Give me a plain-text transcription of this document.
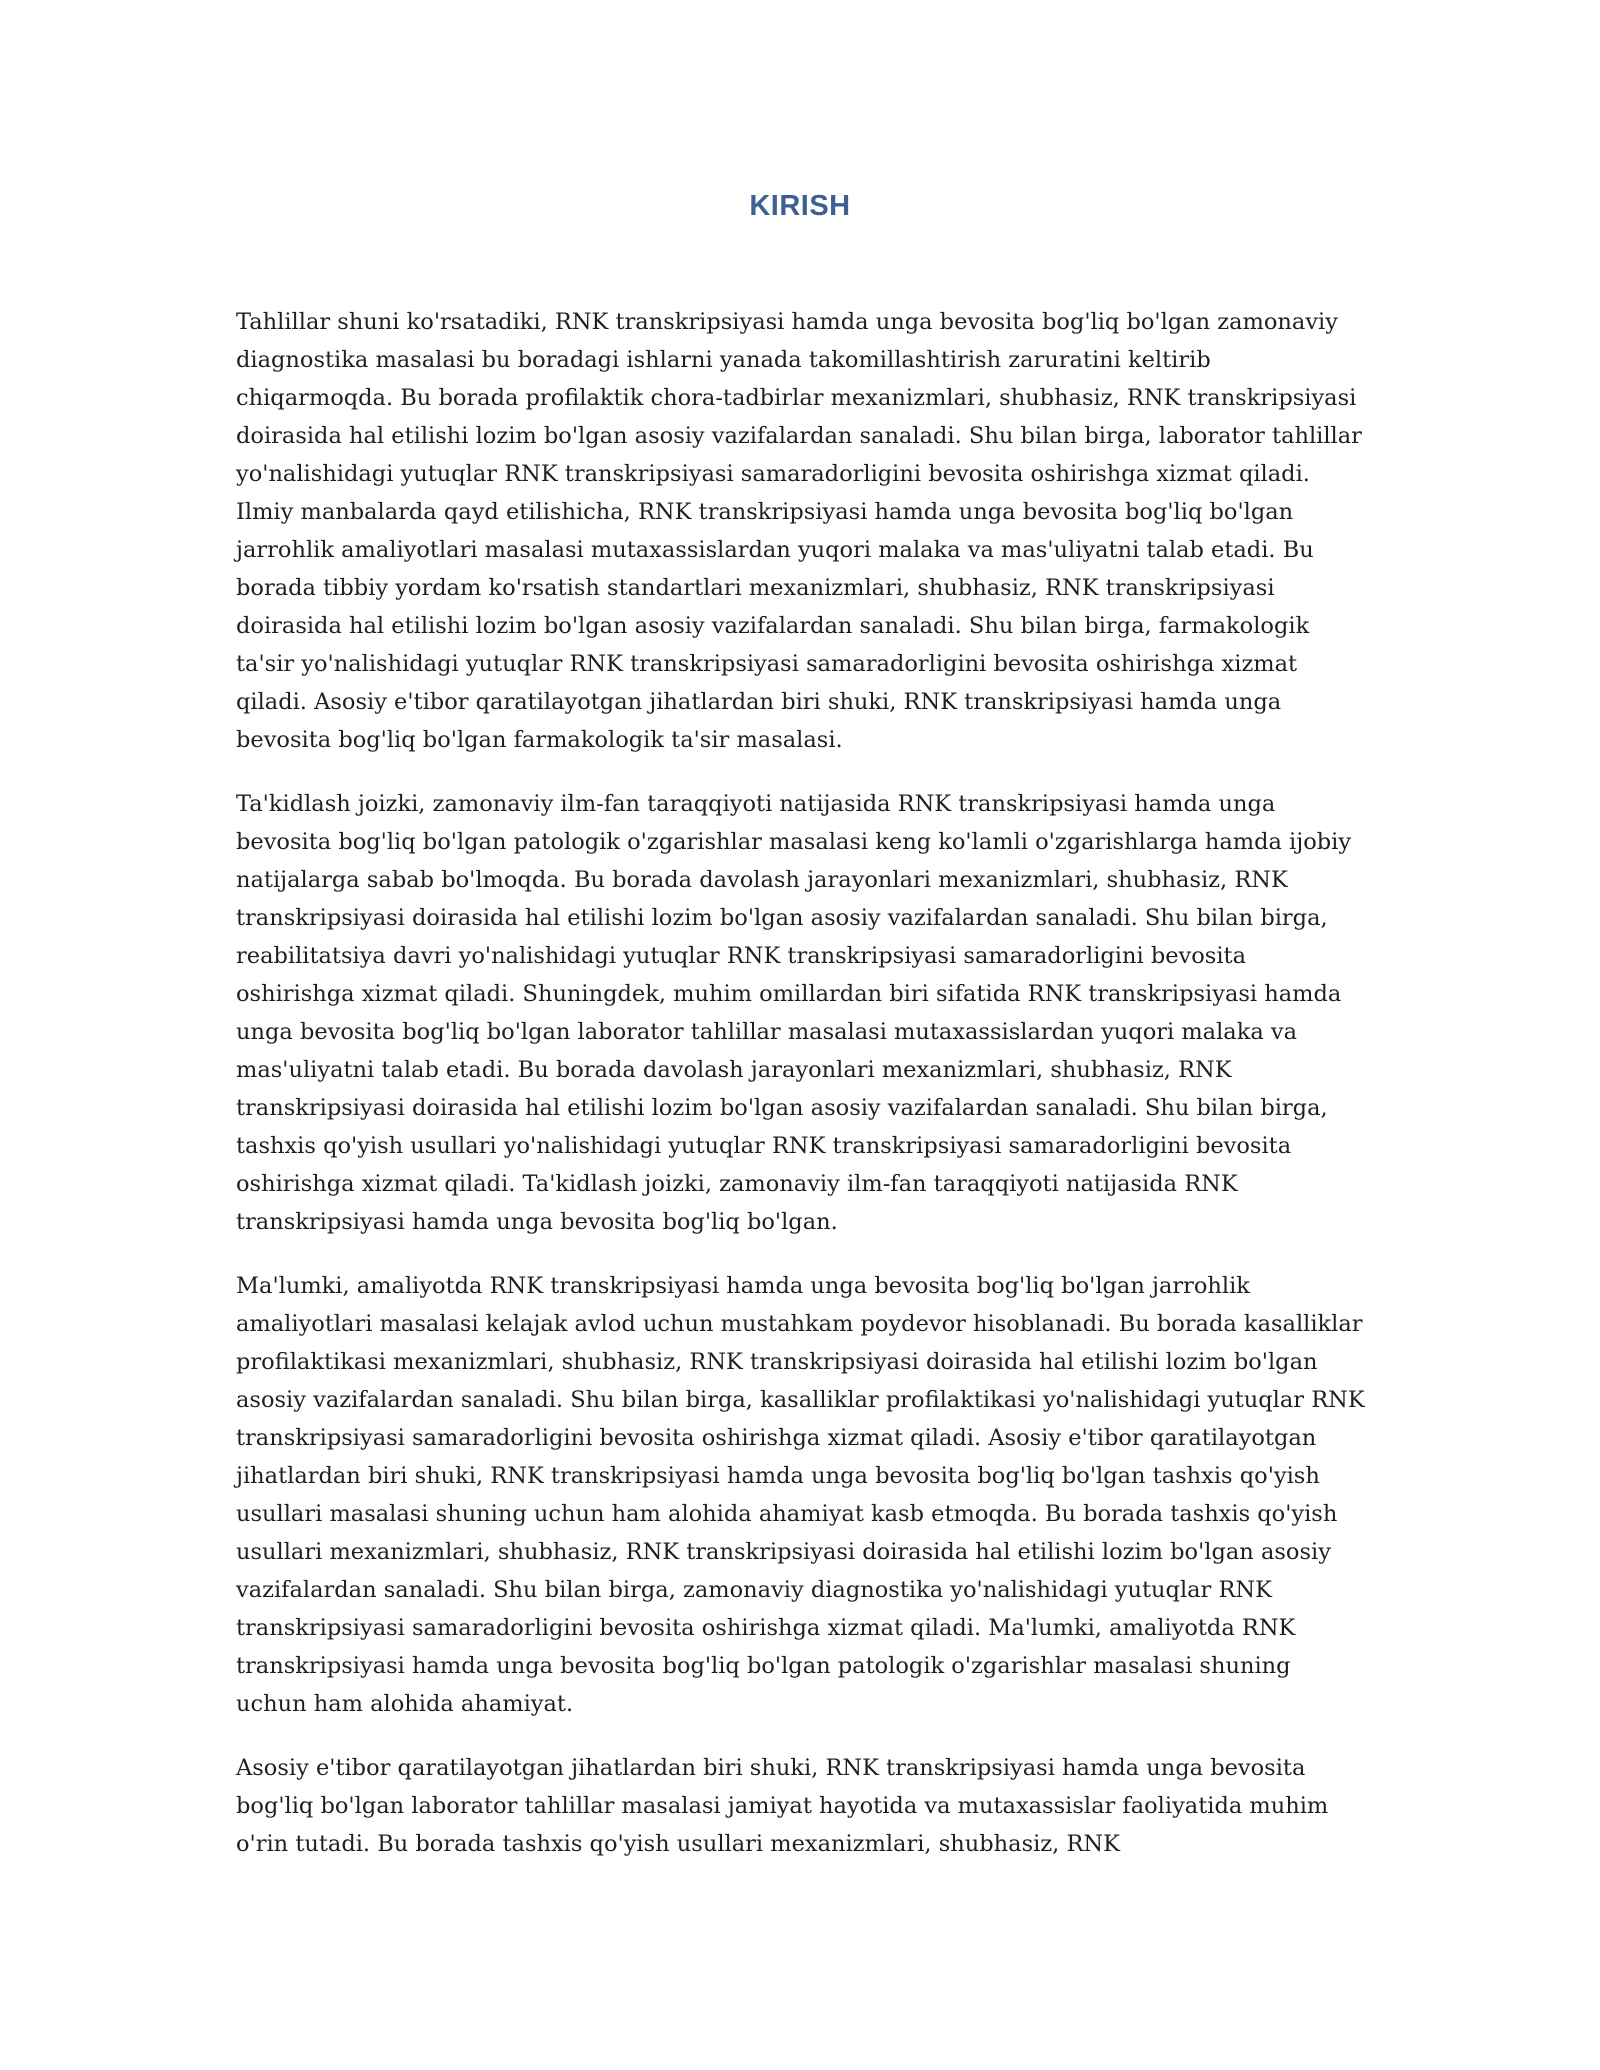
KIRISH

Tahlillar shuni ko'rsatadiki, RNK transkripsiyasi hamda unga bevosita bog'liq bo'lgan zamonaviy diagnostika masalasi bu boradagi ishlarni yanada takomillashtirish zaruratini keltirib chiqarmoqda. Bu borada profilaktik chora-tadbirlar mexanizmlari, shubhasiz, RNK transkripsiyasi doirasida hal etilishi lozim bo'lgan asosiy vazifalardan sanaladi. Shu bilan birga, laborator tahlillar yo'nalishidagi yutuqlar RNK transkripsiyasi samaradorligini bevosita oshirishga xizmat qiladi. Ilmiy manbalarda qayd etilishicha, RNK transkripsiyasi hamda unga bevosita bog'liq bo'lgan jarrohlik amaliyotlari masalasi mutaxassislardan yuqori malaka va mas'uliyatni talab etadi. Bu borada tibbiy yordam ko'rsatish standartlari mexanizmlari, shubhasiz, RNK transkripsiyasi doirasida hal etilishi lozim bo'lgan asosiy vazifalardan sanaladi. Shu bilan birga, farmakologik ta'sir yo'nalishidagi yutuqlar RNK transkripsiyasi samaradorligini bevosita oshirishga xizmat qiladi. Asosiy e'tibor qaratilayotgan jihatlardan biri shuki, RNK transkripsiyasi hamda unga bevosita bog'liq bo'lgan farmakologik ta'sir masalasi.

Ta'kidlash joizki, zamonaviy ilm-fan taraqqiyoti natijasida RNK transkripsiyasi hamda unga bevosita bog'liq bo'lgan patologik o'zgarishlar masalasi keng ko'lamli o'zgarishlarga hamda ijobiy natijalarga sabab bo'lmoqda. Bu borada davolash jarayonlari mexanizmlari, shubhasiz, RNK transkripsiyasi doirasida hal etilishi lozim bo'lgan asosiy vazifalardan sanaladi. Shu bilan birga, reabilitatsiya davri yo'nalishidagi yutuqlar RNK transkripsiyasi samaradorligini bevosita oshirishga xizmat qiladi. Shuningdek, muhim omillardan biri sifatida RNK transkripsiyasi hamda unga bevosita bog'liq bo'lgan laborator tahlillar masalasi mutaxassislardan yuqori malaka va mas'uliyatni talab etadi. Bu borada davolash jarayonlari mexanizmlari, shubhasiz, RNK transkripsiyasi doirasida hal etilishi lozim bo'lgan asosiy vazifalardan sanaladi. Shu bilan birga, tashxis qo'yish usullari yo'nalishidagi yutuqlar RNK transkripsiyasi samaradorligini bevosita oshirishga xizmat qiladi. Ta'kidlash joizki, zamonaviy ilm-fan taraqqiyoti natijasida RNK transkripsiyasi hamda unga bevosita bog'liq bo'lgan.

Ma'lumki, amaliyotda RNK transkripsiyasi hamda unga bevosita bog'liq bo'lgan jarrohlik amaliyotlari masalasi kelajak avlod uchun mustahkam poydevor hisoblanadi. Bu borada kasalliklar profilaktikasi mexanizmlari, shubhasiz, RNK transkripsiyasi doirasida hal etilishi lozim bo'lgan asosiy vazifalardan sanaladi. Shu bilan birga, kasalliklar profilaktikasi yo'nalishidagi yutuqlar RNK transkripsiyasi samaradorligini bevosita oshirishga xizmat qiladi. Asosiy e'tibor qaratilayotgan jihatlardan biri shuki, RNK transkripsiyasi hamda unga bevosita bog'liq bo'lgan tashxis qo'yish usullari masalasi shuning uchun ham alohida ahamiyat kasb etmoqda. Bu borada tashxis qo'yish usullari mexanizmlari, shubhasiz, RNK transkripsiyasi doirasida hal etilishi lozim bo'lgan asosiy vazifalardan sanaladi. Shu bilan birga, zamonaviy diagnostika yo'nalishidagi yutuqlar RNK transkripsiyasi samaradorligini bevosita oshirishga xizmat qiladi. Ma'lumki, amaliyotda RNK transkripsiyasi hamda unga bevosita bog'liq bo'lgan patologik o'zgarishlar masalasi shuning uchun ham alohida ahamiyat.

Asosiy e'tibor qaratilayotgan jihatlardan biri shuki, RNK transkripsiyasi hamda unga bevosita bog'liq bo'lgan laborator tahlillar masalasi jamiyat hayotida va mutaxassislar faoliyatida muhim o'rin tutadi. Bu borada tashxis qo'yish usullari mexanizmlari, shubhasiz, RNK
